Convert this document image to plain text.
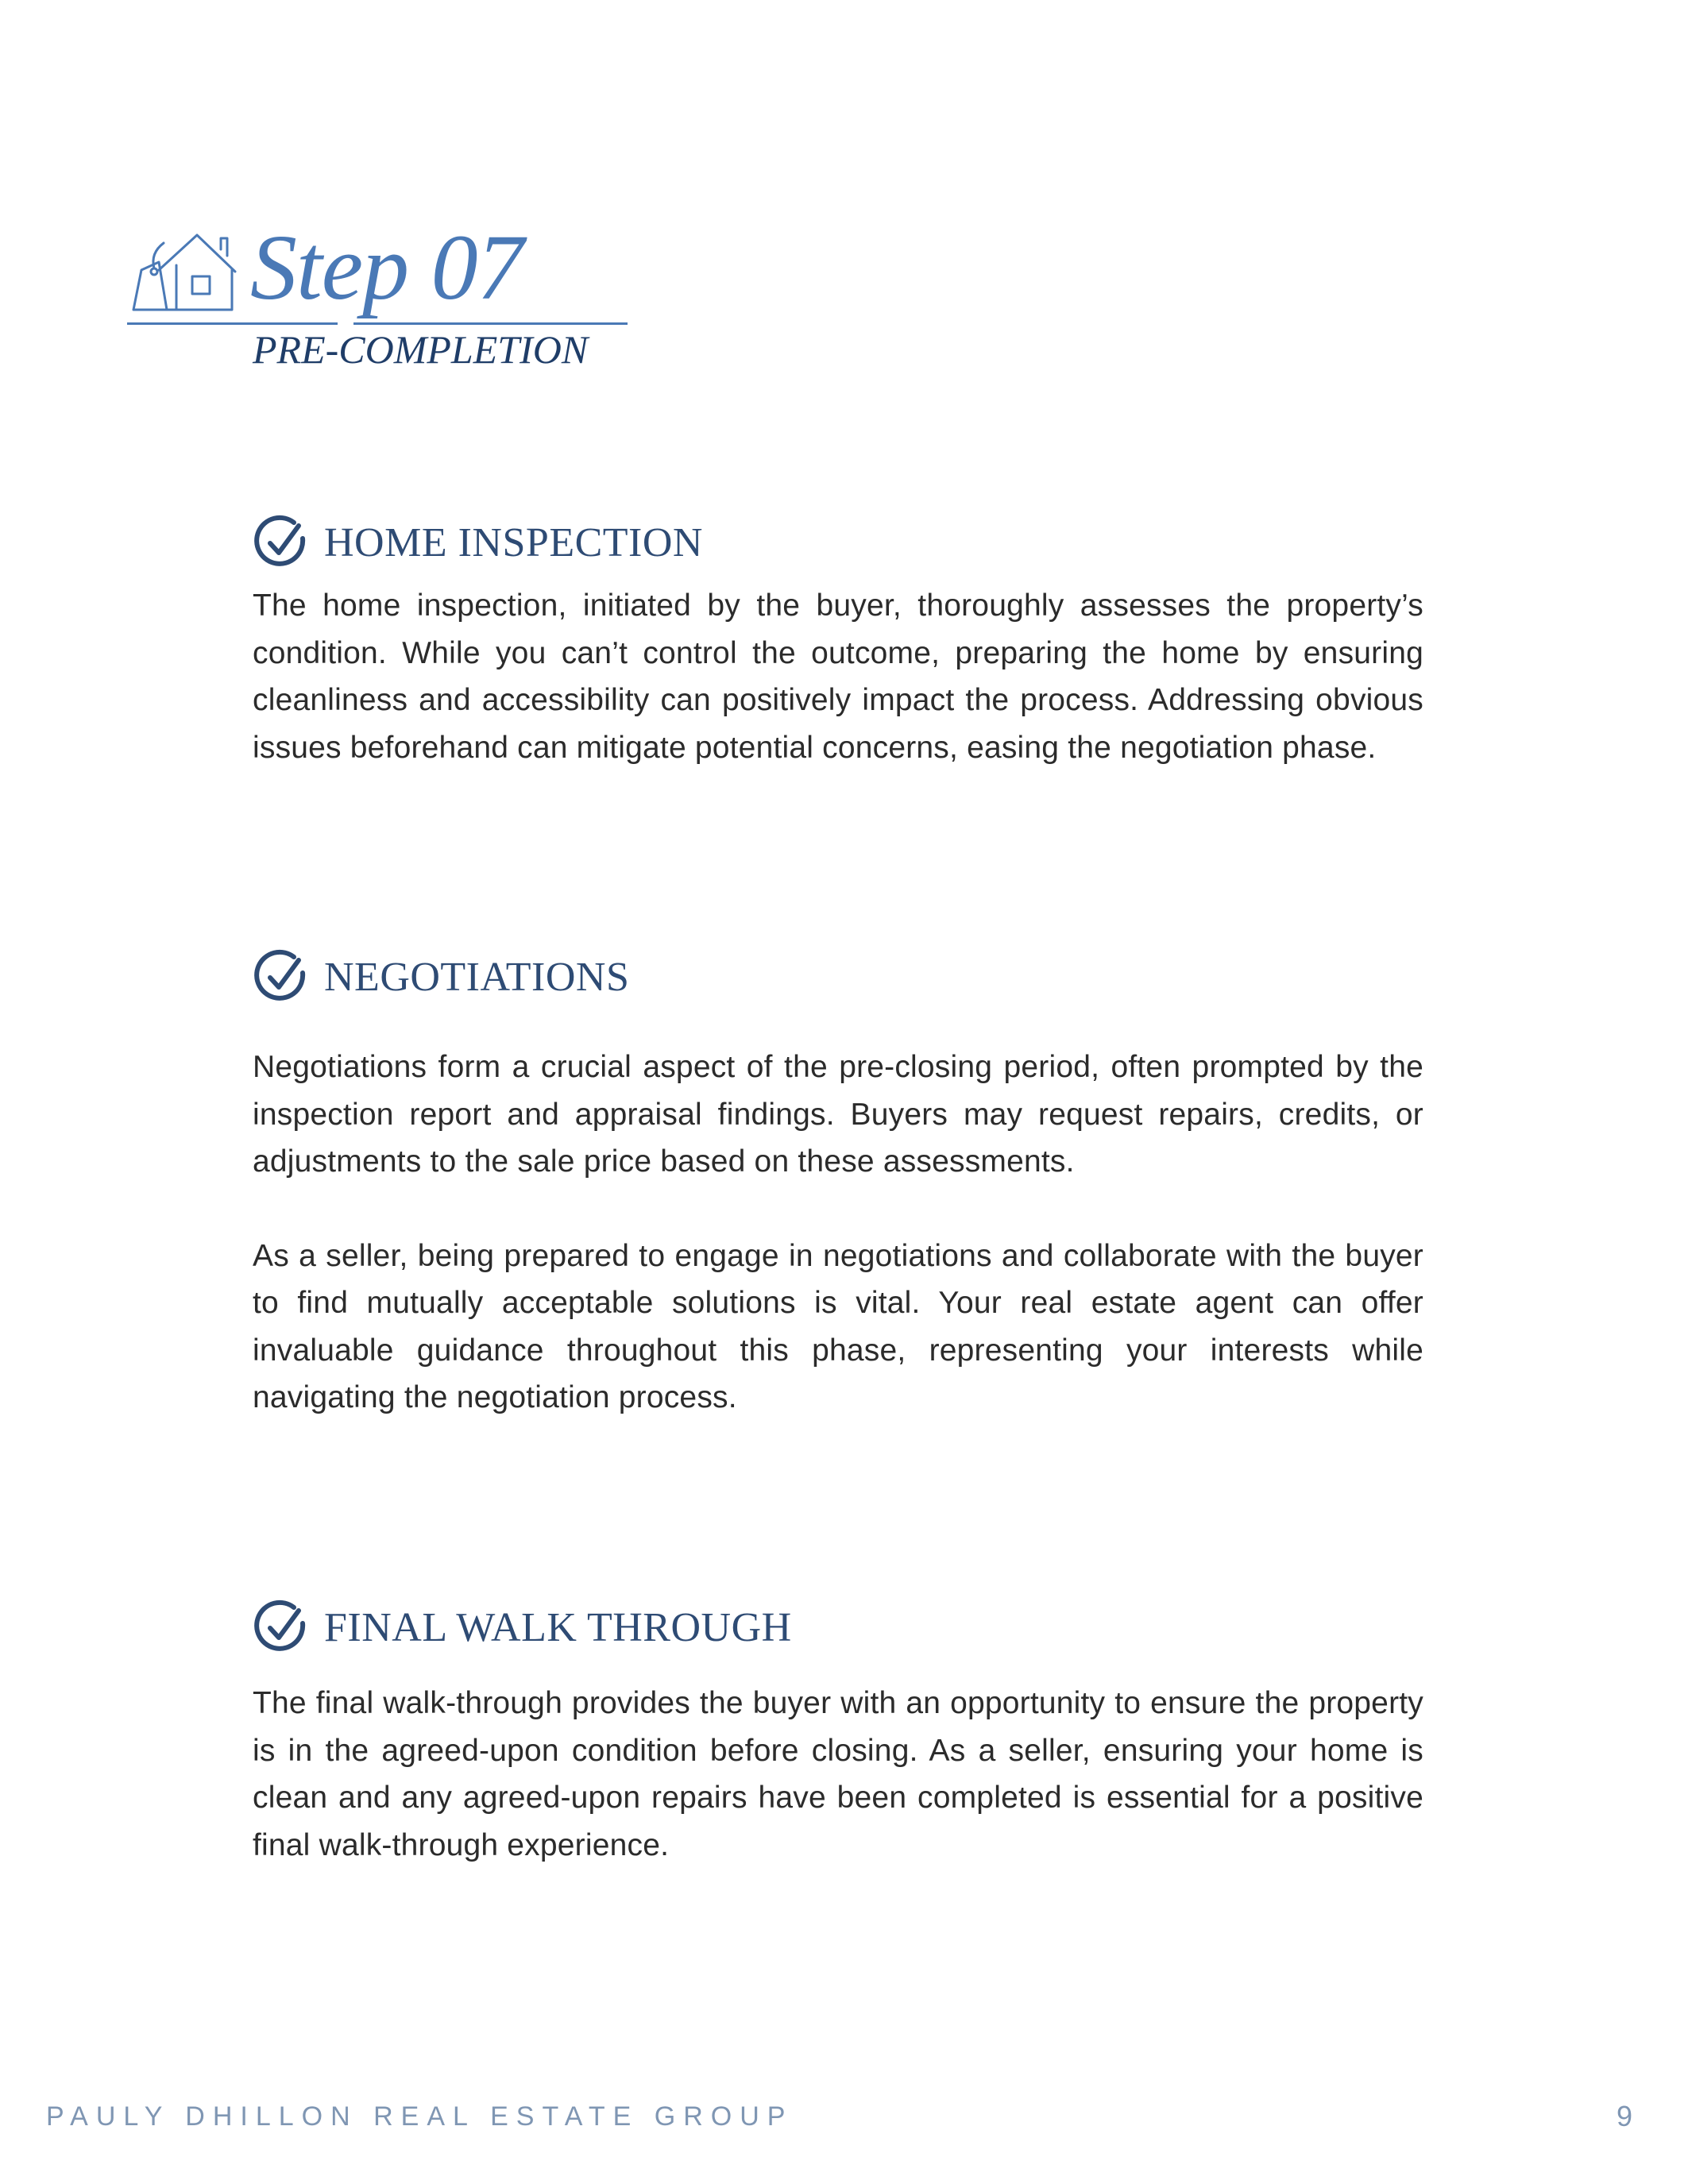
Step 07
PRE-COMPLETION
HOME INSPECTION

The home inspection, initiated by the buyer, thoroughly assesses the property’s condition. While you can’t control the outcome, preparing the home by ensuring cleanliness and accessibility can positively impact the process. Addressing obvious issues beforehand can mitigate potential concerns, easing the negotiation phase.

NEGOTIATIONS

Negotiations form a crucial aspect of the pre-closing period, often prompted by the inspection report and appraisal findings. Buyers may request repairs, credits, or adjustments to the sale price based on these assessments.

As a seller, being prepared to engage in negotiations and collaborate with the buyer to find mutually acceptable solutions is vital. Your real estate agent can offer invaluable guidance throughout this phase, representing your interests while navigating the negotiation process.

FINAL WALK THROUGH

The final walk-through provides the buyer with an opportunity to ensure the property is in the agreed-upon condition before closing. As a seller, ensuring your home is clean and any agreed-upon repairs have been completed is essential for a positive final walk-through experience.

PAULY DHILLON REAL ESTATE GROUP	9
